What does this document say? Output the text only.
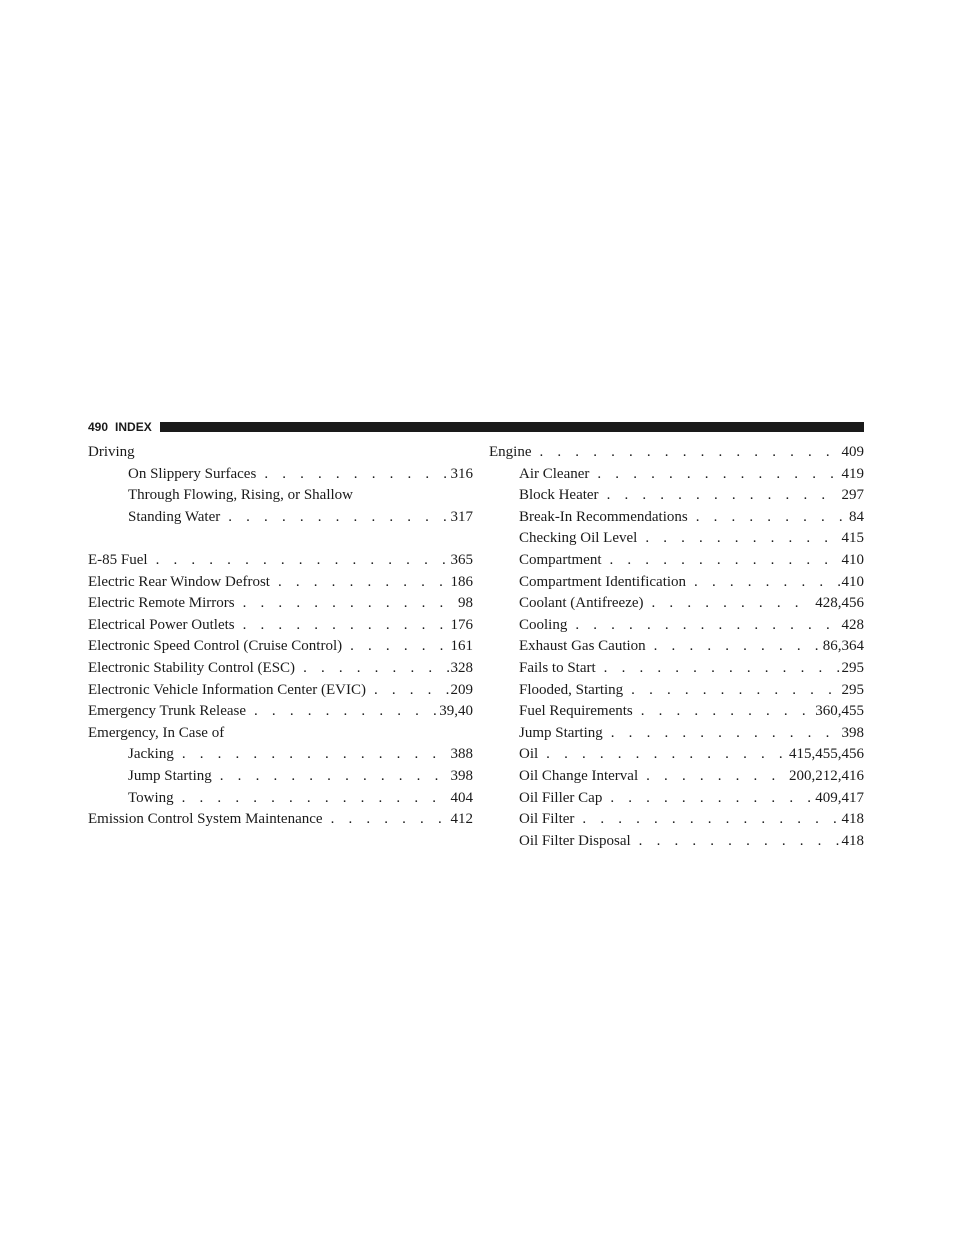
490 INDEX
Driving
On Slippery Surfaces . . .	316
Through Flowing, Rising, or Shallow
Standing Water . . .	317
E-85 Fuel . . .	365
Electric Rear Window Defrost . . .	186
Electric Remote Mirrors . . .	98
Electrical Power Outlets . . .	176
Electronic Speed Control (Cruise Control) . . .	161
Electronic Stability Control (ESC) . . .	328
Electronic Vehicle Information Center (EVIC) . . .	209
Emergency Trunk Release . . .	39,40
Emergency, In Case of
Jacking . . .	388
Jump Starting . . .	398
Towing . . .	404
Emission Control System Maintenance . . .	412
Engine . . .	409
Air Cleaner . . .	419
Block Heater . . .	297
Break-In Recommendations . . .	84
Checking Oil Level . . .	415
Compartment . . .	410
Compartment Identification . . .	410
Coolant (Antifreeze) . . .	428,456
Cooling . . .	428
Exhaust Gas Caution . . .	86,364
Fails to Start . . .	295
Flooded, Starting . . .	295
Fuel Requirements . . .	360,455
Jump Starting . . .	398
Oil . . .	415,455,456
Oil Change Interval . . .	200,212,416
Oil Filler Cap . . .	409,417
Oil Filter . . .	418
Oil Filter Disposal . . .	418
